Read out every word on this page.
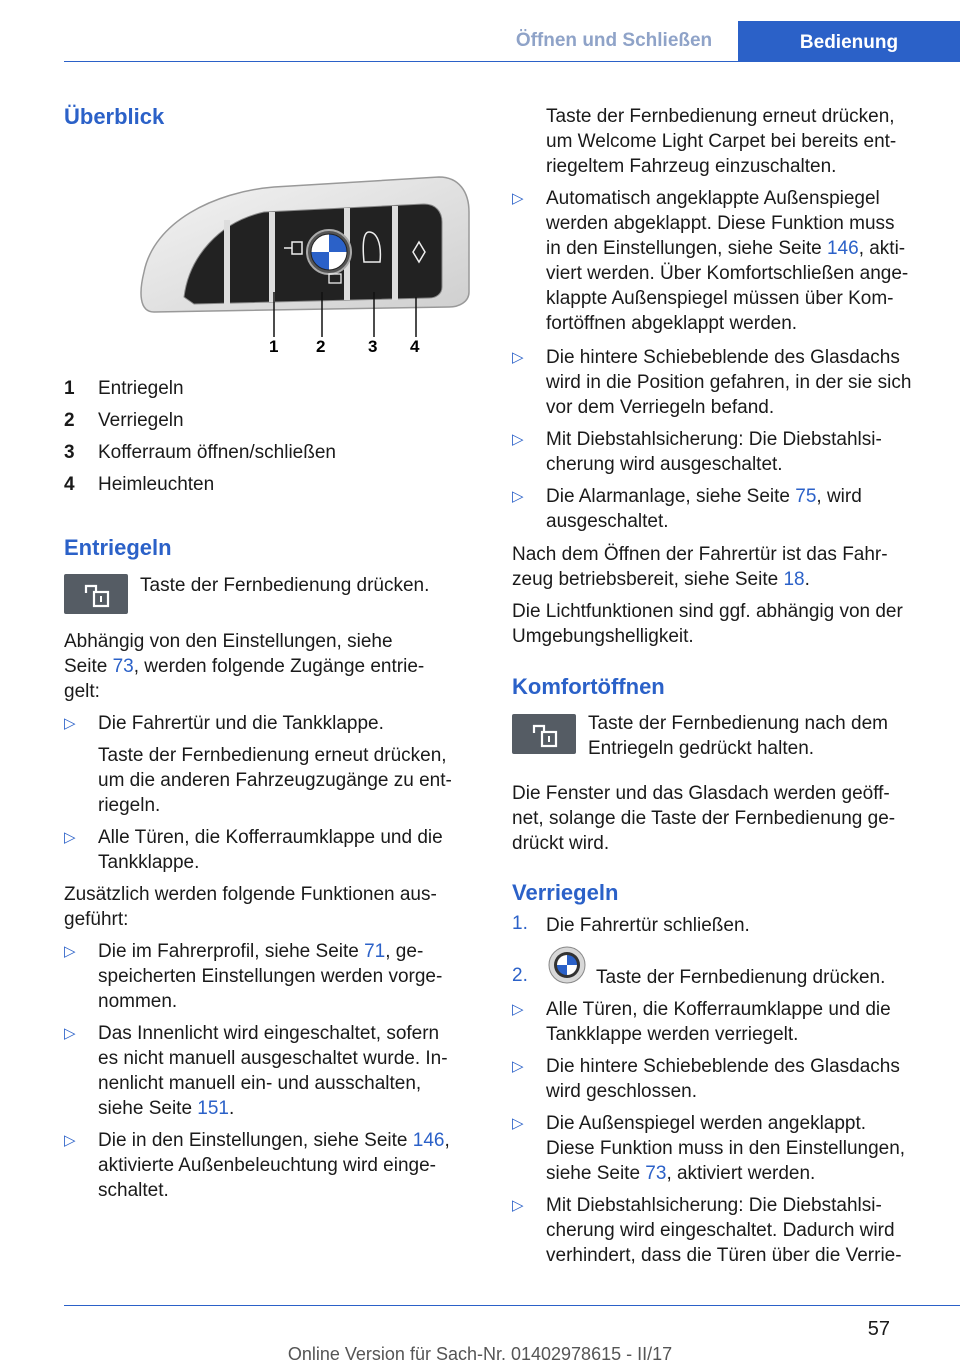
Öffnen und Schließen	Bedienung
Überblick
1 2	3 4
1	Entriegeln
2	Verriegeln
3	Kofferraum öffnen/schließen
4	Heimleuchten
Entriegeln

Taste der Fernbedienung drücken.

Abhängig von den Einstellungen, siehe

Seite 73, werden folgende Zugänge entrie-

gelt:

▷ Die Fahrertür und die Tankklappe.

Taste der Fernbedienung erneut drücken,

um die anderen Fahrzeugzugänge zu ent-

riegeln.

▷ Alle Türen, die Kofferraumklappe und die

Tankklappe.

Zusätzlich werden folgende Funktionen aus-

geführt:

▷ Die im Fahrerprofil, siehe Seite 71, ge-

speicherten Einstellungen werden vorge-

nommen.

▷ Das Innenlicht wird eingeschaltet, sofern

es nicht manuell ausgeschaltet wurde. In-

nenlicht manuell ein- und ausschalten,

siehe Seite 151.

▷ Die in den Einstellungen, siehe Seite 146,

aktivierte Außenbeleuchtung wird einge-

schaltet.

Taste der Fernbedienung erneut drücken,

um Welcome Light Carpet bei bereits ent-

riegeltem Fahrzeug einzuschalten.

▷ Automatisch angeklappte Außenspiegel

werden abgeklappt. Diese Funktion muss

in den Einstellungen, siehe Seite 146, akti-

viert werden. Über Komfortschließen ange-

klappte Außenspiegel müssen über Kom-

fortöffnen abgeklappt werden.

▷ Die hintere Schiebeblende des Glasdachs

wird in die Position gefahren, in der sie sich

vor dem Verriegeln befand.

▷ Mit Diebstahlsicherung: Die Diebstahlsi-

cherung wird ausgeschaltet.

▷ Die Alarmanlage, siehe Seite 75, wird

ausgeschaltet.

Nach dem Öffnen der Fahrertür ist das Fahr-

zeug betriebsbereit, siehe Seite 18.

Die Lichtfunktionen sind ggf. abhängig von der

Umgebungshelligkeit.

Komfortöffnen

Taste der Fernbedienung nach dem

Entriegeln gedrückt halten.

Die Fenster und das Glasdach werden geöff-

net, solange die Taste der Fernbedienung ge-

drückt wird.

Verriegeln
1. Die Fahrertür schließen.

2.	Taste der Fernbedienung drücken.

▷ Alle Türen, die Kofferraumklappe und die

Tankklappe werden verriegelt.

▷ Die hintere Schiebeblende des Glasdachs

wird geschlossen.

▷ Die Außenspiegel werden angeklappt.

Diese Funktion muss in den Einstellungen,

siehe Seite 73, aktiviert werden.

▷ Mit Diebstahlsicherung: Die Diebstahlsi-

cherung wird eingeschaltet. Dadurch wird

verhindert, dass die Türen über die Verrie-

57
Online Version für Sach-Nr. 01402978615 - II/17
